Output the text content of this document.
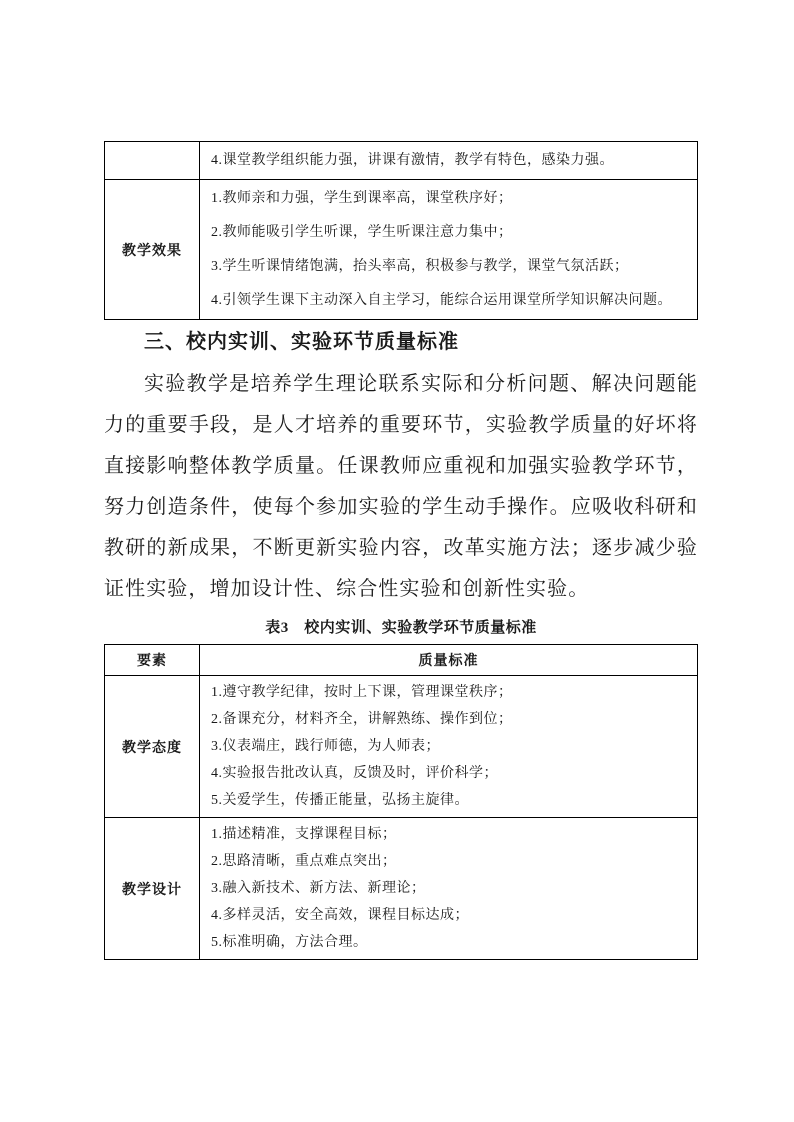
	4.课堂教学组织能力强，讲课有激情，教学有特色，感染力强。

教学效果	1.教师亲和力强，学生到课率高，课堂秩序好；

2.教师能吸引学生听课，学生听课注意力集中；

3.学生听课情绪饱满，抬头率高，积极参与教学，课堂气氛活跃；

4.引领学生课下主动深入自主学习，能综合运用课堂所学知识解决问题。

三、校内实训、实验环节质量标准

实验教学是培养学生理论联系实际和分析问题、解决问题能力的重要手段，是人才培养的重要环节，实验教学质量的好坏将直接影响整体教学质量。任课教师应重视和加强实验教学环节，努力创造条件，使每个参加实验的学生动手操作。应吸收科研和教研的新成果，不断更新实验内容，改革实施方法；逐步减少验证性实验，增加设计性、综合性实验和创新性实验。

表3　校内实训、实验教学环节质量标准
要素	质量标准
教学态度	1.遵守教学纪律，按时上下课，管理课堂秩序；

2.备课充分，材料齐全，讲解熟练、操作到位；

3.仪表端庄，践行师德，为人师表；

4.实验报告批改认真，反馈及时，评价科学；

5.关爱学生，传播正能量，弘扬主旋律。

教学设计	1.描述精准，支撑课程目标；

2.思路清晰，重点难点突出；

3.融入新技术、新方法、新理论；

4.多样灵活，安全高效，课程目标达成；

5.标准明确，方法合理。
